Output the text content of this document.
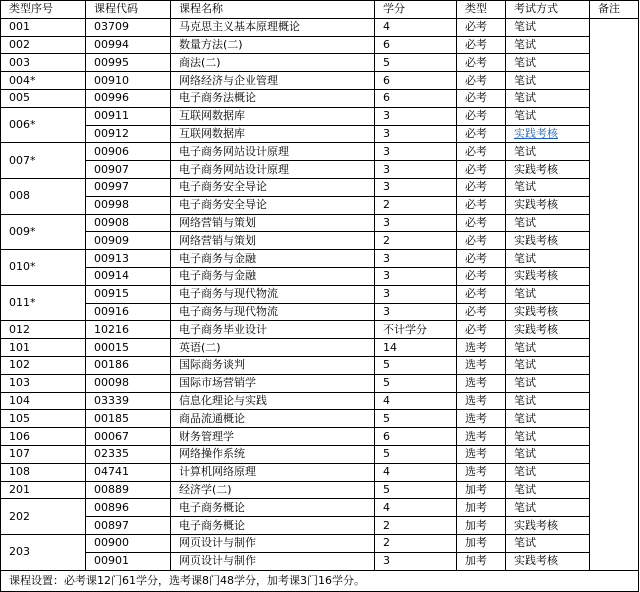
类型序号	课程代码	课程名称	学分	类型	考试方式	备注
001	03709	马克思主义基本原理概论	4	必考	笔试	
002	00994	数量方法(二)	6	必考	笔试	
003	00995	商法(二)	5	必考	笔试	
004*	00910	网络经济与企业管理	6	必考	笔试	
005	00996	电子商务法概论	6	必考	笔试	
006*	00911	互联网数据库	3	必考	笔试	
	00912	互联网数据库	3	必考	实践考核	
007*	00906	电子商务网站设计原理	3	必考	笔试	
	00907	电子商务网站设计原理	3	必考	实践考核	
008	00997	电子商务安全导论	3	必考	笔试	
	00998	电子商务安全导论	2	必考	实践考核	
009*	00908	网络营销与策划	3	必考	笔试	
	00909	网络营销与策划	2	必考	实践考核	
010*	00913	电子商务与金融	3	必考	笔试	
	00914	电子商务与金融	3	必考	实践考核	
011*	00915	电子商务与现代物流	3	必考	笔试	
	00916	电子商务与现代物流	3	必考	实践考核	
012	10216	电子商务毕业设计	不计学分	必考	实践考核	
101	00015	英语(二)	14	选考	笔试	
102	00186	国际商务谈判	5	选考	笔试	
103	00098	国际市场营销学	5	选考	笔试	
104	03339	信息化理论与实践	4	选考	笔试	
105	00185	商品流通概论	5	选考	笔试	
106	00067	财务管理学	6	选考	笔试	
107	02335	网络操作系统	5	选考	笔试	
108	04741	计算机网络原理	4	选考	笔试	
201	00889	经济学(二)	5	加考	笔试	
202	00896	电子商务概论	4	加考	笔试	
	00897	电子商务概论	2	加考	实践考核	
203	00900	网页设计与制作	2	加考	笔试	
	00901	网页设计与制作	3	加考	实践考核	
课程设置：必考课12门61学分，选考课8门48学分，加考课3门16学分。						
